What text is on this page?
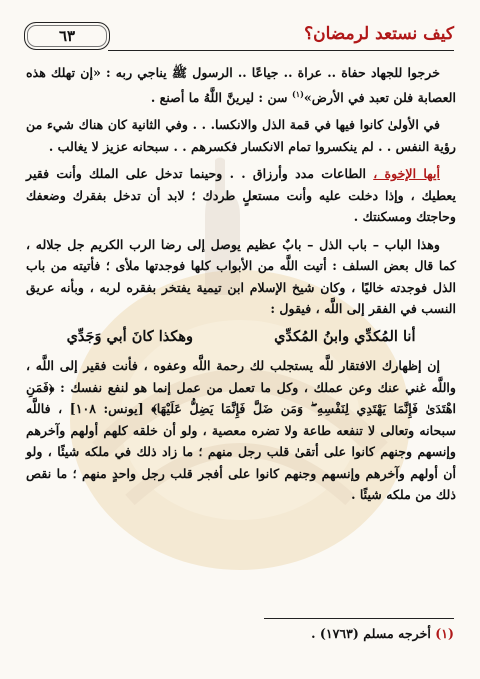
٦٣	كيف نستعد لرمضان؟

خرجوا للجهاد حفاة .. عراة .. جياعًا .. الرسول ﷺ يناجي ربه : «إن تهلك هذه العصابة فلن تعبد في الأرض»$^{(١)}$ سن : ليرينَّ اللَّهُ ما أصنع .

في الأولىٰ كانوا فيها في قمة الذل والانكسا. . . وفي الثانية كان هناك شيء من رؤية النفس . . لم ينكسروا تمام الانكسار فكسرهم . . سبحانه عزيز لا يغالب .

أيها الإخوة ، الطاعات مدد وأرزاق . . وحينما تدخل على الملك وأنت فقير يعطيك ، وإذا دخلت عليه وأنت مستعلٍ طردك ؛ لابد أن تدخل بفقرك وضعفك وحاجتك ومسكنتك .

وهذا الباب – باب الذل – بابٌ عظيم يوصل إلى رضا الرب الكريم جل جلاله ، كما قال بعض السلف : أتيت اللَّه من الأبواب كلها فوجدتها ملأى ؛ فأتيته من باب الذل فوجدته خاليًا ، وكان شيخ الإسلام ابن تيمية يفتخر بفقره لربه ، وبأنه عريق النسب في الفقر إلى اللَّه ، فيقول :

أنا المُكدِّي وابنُ المُكدِّي
وهكذا كانَ أبي وَجَدِّي

إن إظهارك الافتقار للَّه يستجلب لك رحمة اللَّه وعفوه ، فأنت فقير إلى اللَّه ، واللَّه غني عنك وعن عملك ، وكل ما تعمل من عمل إنما هو لنفع نفسك : ﴿فَمَنِ اهْتَدَىٰ فَإِنَّمَا يَهْتَدِي لِنَفْسِهِ ۖ وَمَن ضَلَّ فَإِنَّمَا يَضِلُّ عَلَيْهَا﴾ [يونس: ١٠٨] ، فاللَّه سبحانه وتعالى لا تنفعه طاعة ولا تضره معصية ، ولو أن خلقه كلهم أولهم وآخرهم وإنسهم وجنهم كانوا على أتقىٰ قلب رجل منهم ؛ ما زاد ذلك في ملكه شيئًا ، ولو أن أولهم وآخرهم وإنسهم وجنهم كانوا على أفجر قلب رجل واحدٍ منهم ؛ ما نقص ذلك من ملكه شيئًا .

(١) أخرجه مسلم (١٧٦٣) .
